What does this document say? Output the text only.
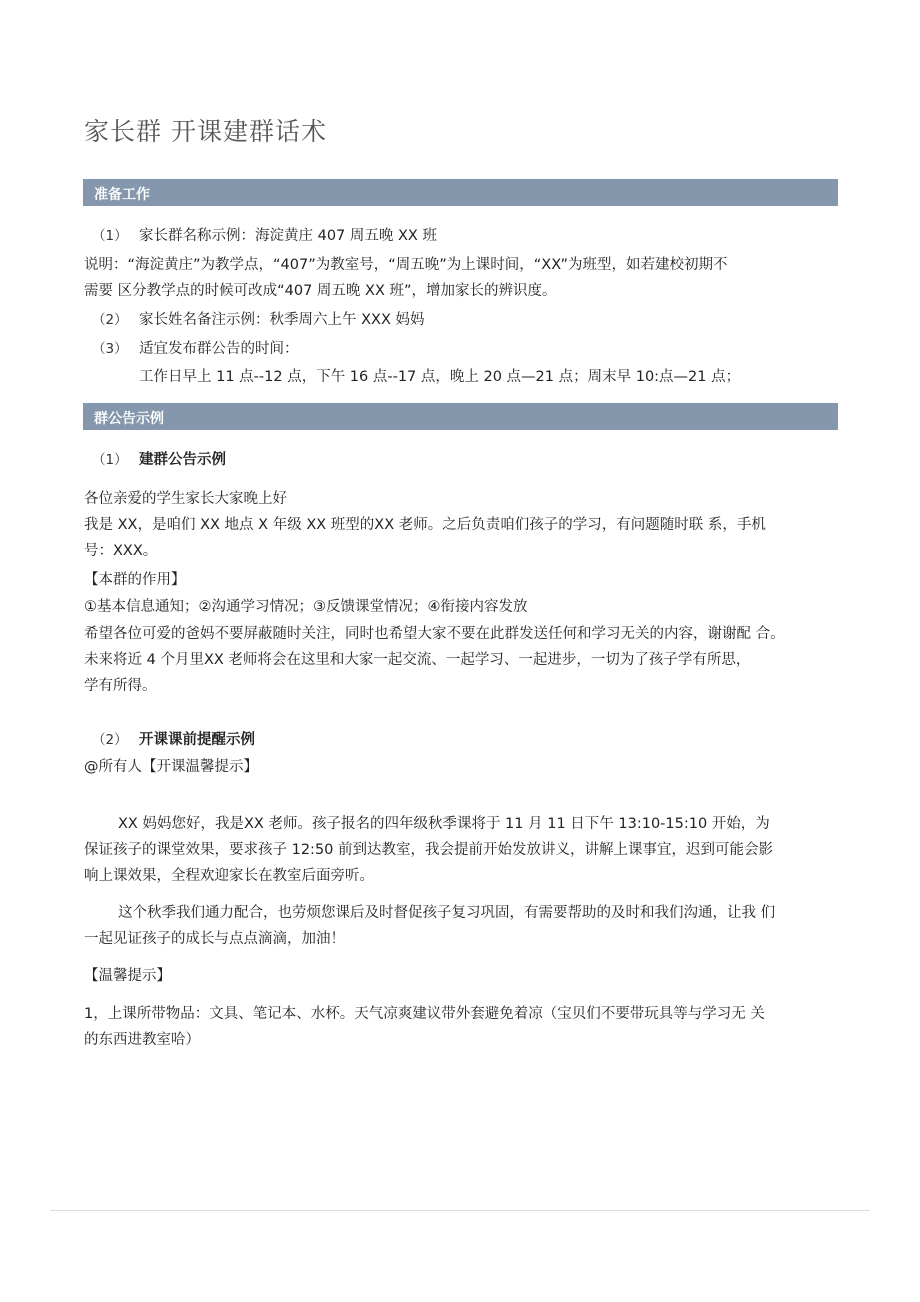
家长群 开课建群话术
准备工作
（1） 家长群名称示例：海淀黄庄 407 周五晚 XX 班
说明：“海淀黄庄”为教学点，“407”为教室号，“周五晚”为上课时间，“XX”为班型，如若建校初期不
需要 区分教学点的时候可改成“407 周五晚 XX 班”，增加家长的辨识度。
（2） 家长姓名备注示例：秋季周六上午 XXX 妈妈
（3） 适宜发布群公告的时间：
工作日早上 11 点--12 点，下午 16 点--17 点，晚上 20 点—21 点；周末早 10:点—21 点；
群公告示例
（1） 建群公告示例
各位亲爱的学生家长大家晚上好
我是 XX，是咱们 XX 地点 X 年级 XX 班型的XX 老师。之后负责咱们孩子的学习，有问题随时联 系，手机
号：XXX。
【本群的作用】
①基本信息通知；②沟通学习情况；③反馈课堂情况；④衔接内容发放
希望各位可爱的爸妈不要屏蔽随时关注，同时也希望大家不要在此群发送任何和学习无关的内容，谢谢配 合。
未来将近 4 个月里XX 老师将会在这里和大家一起交流、一起学习、一起进步，一切为了孩子学有所思，
学有所得。
（2） 开课课前提醒示例
@所有人【开课温馨提示】
XX 妈妈您好，我是XX 老师。孩子报名的四年级秋季课将于 11 月 11 日下午 13:10-15:10 开始，为
保证孩子的课堂效果，要求孩子 12:50 前到达教室，我会提前开始发放讲义，讲解上课事宜，迟到可能会影
响上课效果，全程欢迎家长在教室后面旁听。
这个秋季我们通力配合，也劳烦您课后及时督促孩子复习巩固，有需要帮助的及时和我们沟通，让我 们
一起见证孩子的成长与点点滴滴，加油！
【温馨提示】
1，上课所带物品：文具、笔记本、水杯。天气凉爽建议带外套避免着凉（宝贝们不要带玩具等与学习无 关
的东西进教室哈）
